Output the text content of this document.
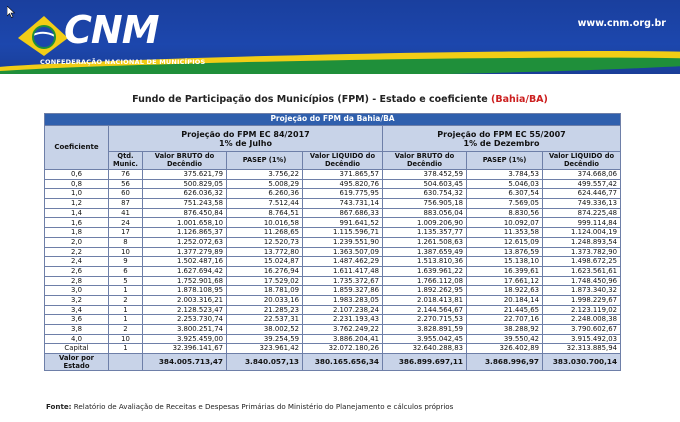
CNM
CONFEDERAÇÃO NACIONAL DE MUNICÍPIOS
www.cnm.org.br
Fundo de Participação dos Municípios (FPM) - Estado e coeficiente (Bahia/BA)
Projeção do FPM da Bahia/BA							
Coeficiente	Projeção do FPM EC 84/2017
1% de Julho				Projeção do FPM EC 55/2007
1% de Dezembro		
	Qtd. Munic.	Valor BRUTO do Decêndio	PASEP (1%)	Valor LÍQUIDO do Decêndio	Valor BRUTO do Decêndio	PASEP (1%)	Valor LÍQUIDO do Decêndio
0,6	76	375.621,79	3.756,22	371.865,57	378.452,59	3.784,53	374.668,06
0,8	56	500.829,05	5.008,29	495.820,76	504.603,45	5.046,03	499.557,42
1,0	60	626.036,32	6.260,36	619.775,95	630.754,32	6.307,54	624.446,77
1,2	87	751.243,58	7.512,44	743.731,14	756.905,18	7.569,05	749.336,13
1,4	41	876.450,84	8.764,51	867.686,33	883.056,04	8.830,56	874.225,48
1,6	24	1.001.658,10	10.016,58	991.641,52	1.009.206,90	10.092,07	999.114,84
1,8	17	1.126.865,37	11.268,65	1.115.596,71	1.135.357,77	11.353,58	1.124.004,19
2,0	8	1.252.072,63	12.520,73	1.239.551,90	1.261.508,63	12.615,09	1.248.893,54
2,2	10	1.377.279,89	13.772,80	1.363.507,09	1.387.659,49	13.876,59	1.373.782,90
2,4	9	1.502.487,16	15.024,87	1.487.462,29	1.513.810,36	15.138,10	1.498.672,25
2,6	6	1.627.694,42	16.276,94	1.611.417,48	1.639.961,22	16.399,61	1.623.561,61
2,8	5	1.752.901,68	17.529,02	1.735.372,67	1.766.112,08	17.661,12	1.748.450,96
3,0	1	1.878.108,95	18.781,09	1.859.327,86	1.892.262,95	18.922,63	1.873.340,32
3,2	2	2.003.316,21	20.033,16	1.983.283,05	2.018.413,81	20.184,14	1.998.229,67
3,4	1	2.128.523,47	21.285,23	2.107.238,24	2.144.564,67	21.445,65	2.123.119,02
3,6	1	2.253.730,74	22.537,31	2.231.193,43	2.270.715,53	22.707,16	2.248.008,38
3,8	2	3.800.251,74	38.002,52	3.762.249,22	3.828.891,59	38.288,92	3.790.602,67
4,0	10	3.925.459,00	39.254,59	3.886.204,41	3.955.042,45	39.550,42	3.915.492,03
Capital	1	32.396.141,67	323.961,42	32.072.180,26	32.640.288,83	326.402,89	32.313.885,94
Valor por Estado		384.005.713,47	3.840.057,13	380.165.656,34	386.899.697,11	3.868.996,97	383.030.700,14
Fonte: Relatório de Avaliação de Receitas e Despesas Primárias do Ministério do Planejamento e cálculos próprios
